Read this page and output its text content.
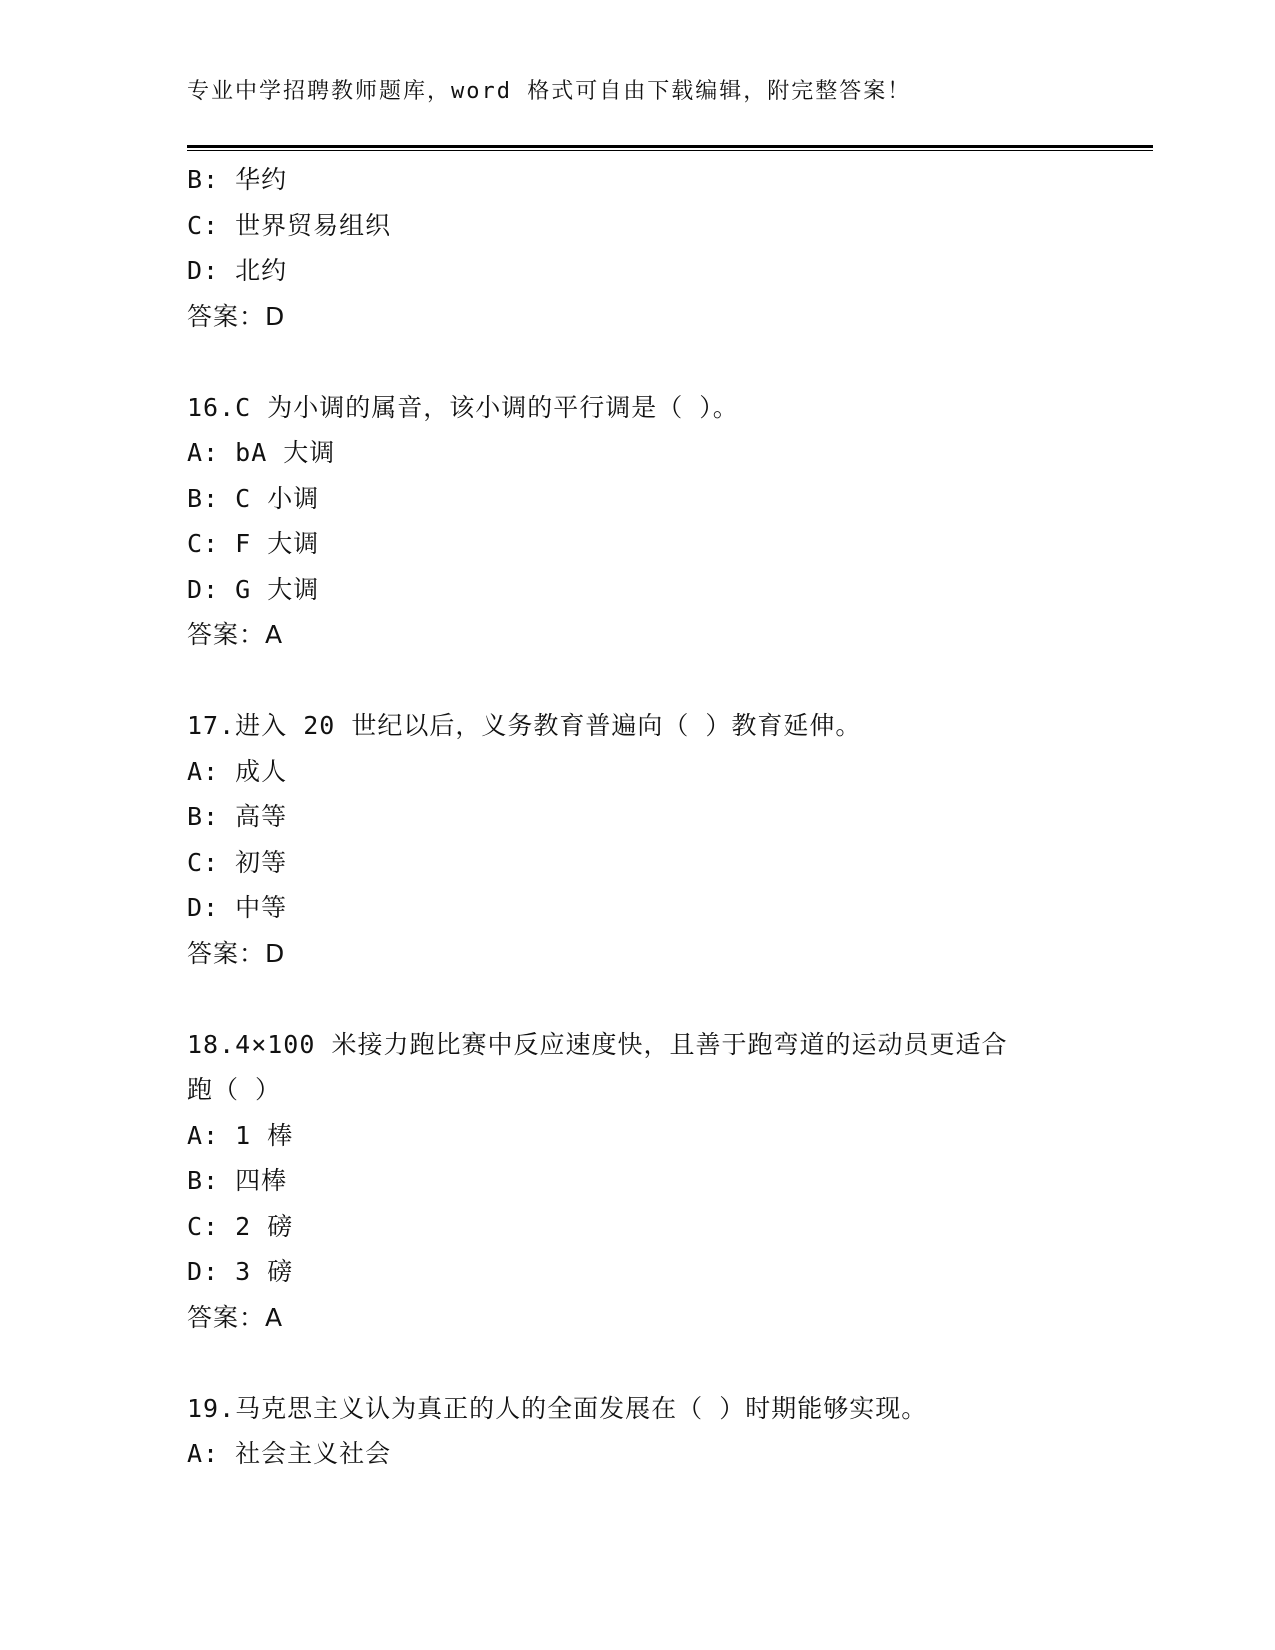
专业中学招聘教师题库，word 格式可自由下载编辑，附完整答案！
B: 华约
C: 世界贸易组织
D: 北约
答案：D
16.C 为小调的属音，该小调的平行调是（ ）。
A: bA 大调
B: C 小调
C: F 大调
D: G 大调
答案：A
17.进入 20 世纪以后，义务教育普遍向（ ）教育延伸。
A: 成人
B: 高等
C: 初等
D: 中等
答案：D
18.4×100 米接力跑比赛中反应速度快，且善于跑弯道的运动员更适合
跑（ ）
A: 1 棒
B: 四棒
C: 2 磅
D: 3 磅
答案：A
19.马克思主义认为真正的人的全面发展在（ ）时期能够实现。
A: 社会主义社会
